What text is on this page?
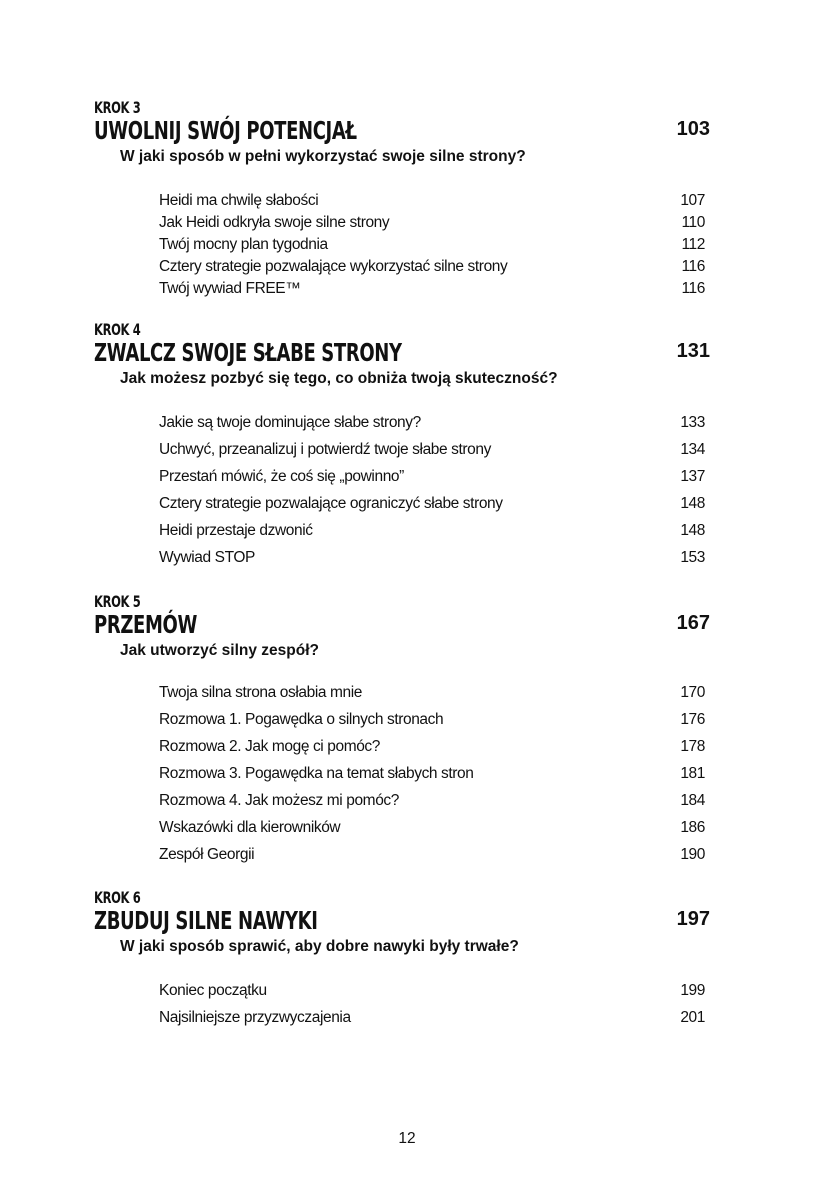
KROK 3
UWOLNIJ SWÓJ POTENCJAŁ	103
W jaki sposób w pełni wykorzystać swoje silne strony?
Heidi ma chwilę słabości	107
Jak Heidi odkryła swoje silne strony	110
Twój mocny plan tygodnia	112
Cztery strategie pozwalające wykorzystać silne strony	116
Twój wywiad FREE™	116
KROK 4
ZWALCZ SWOJE SŁABE STRONY	131
Jak możesz pozbyć się tego, co obniża twoją skuteczność?
Jakie są twoje dominujące słabe strony?	133
Uchwyć, przeanalizuj i potwierdź twoje słabe strony	134
Przestań mówić, że coś się „powinno”	137
Cztery strategie pozwalające ograniczyć słabe strony	148
Heidi przestaje dzwonić	148
Wywiad STOP	153
KROK 5
PRZEMÓW	167
Jak utworzyć silny zespół?
Twoja silna strona osłabia mnie	170
Rozmowa 1. Pogawędka o silnych stronach	176
Rozmowa 2. Jak mogę ci pomóc?	178
Rozmowa 3. Pogawędka na temat słabych stron	181
Rozmowa 4. Jak możesz mi pomóc?	184
Wskazówki dla kierowników	186
Zespół Georgii	190
KROK 6
ZBUDUJ SILNE NAWYKI	197
W jaki sposób sprawić, aby dobre nawyki były trwałe?
Koniec początku	199
Najsilniejsze przyzwyczajenia	201
12
